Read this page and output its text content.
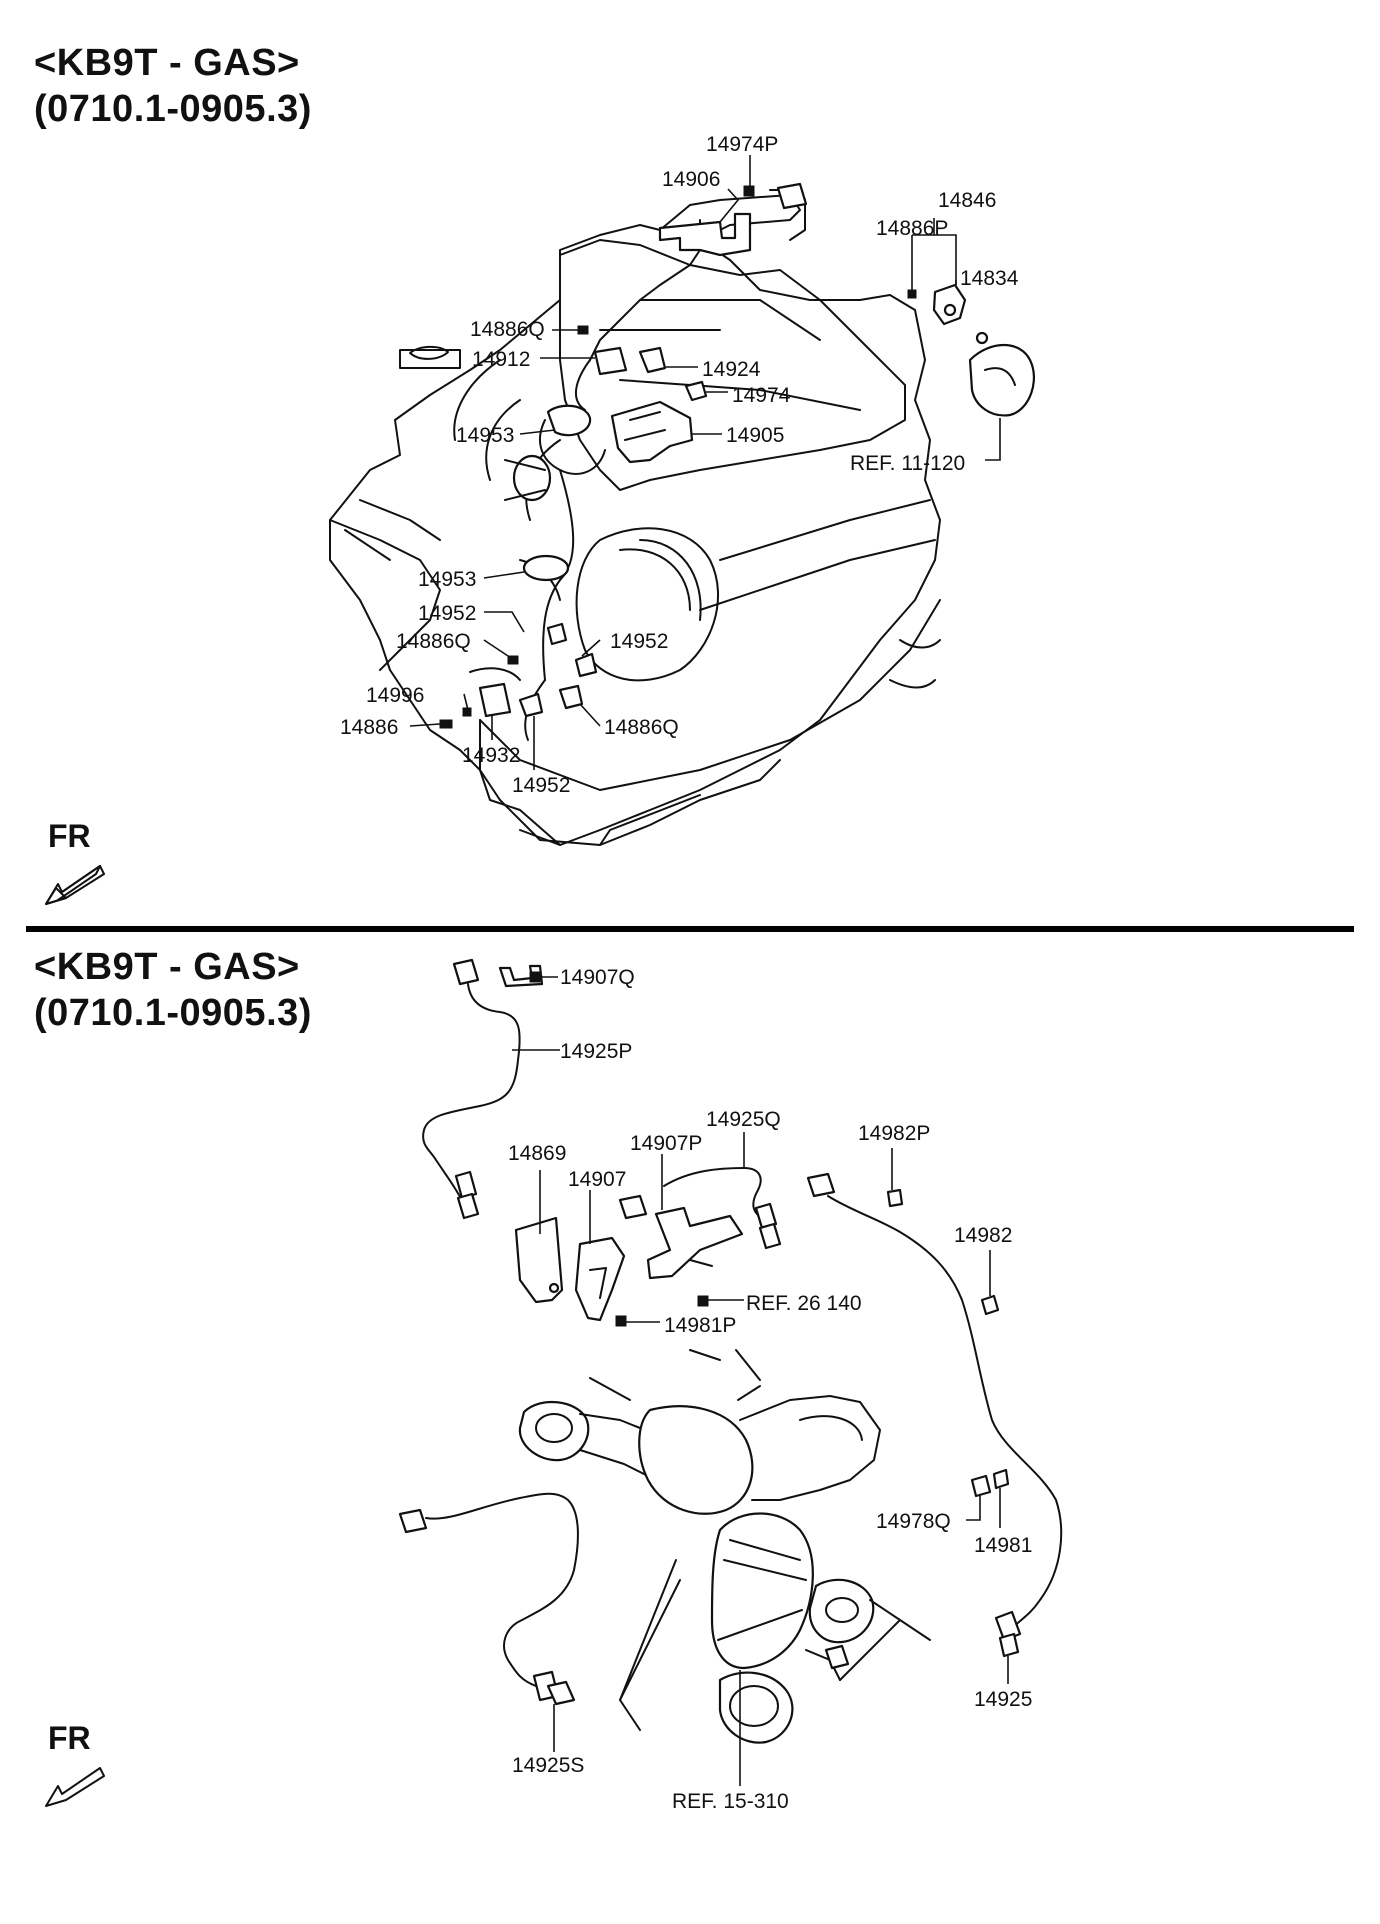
<KB9T - GAS>
(0710.1-0905.3)
<KB9T - GAS>
(0710.1-0905.3)
FR
FR
14974P
14906
14846
14886P
14834
14886Q
14912	14924
14974
14953	14905
REF. 11-120
14953
14952
14886Q	14952
14996
14886	14886Q
14932
14952
14907Q
14925P
14925Q
14869	14907P	14982P
14907
14982
REF. 26 140
14981P
14978Q
14981
14925
14925S
REF. 15-310
